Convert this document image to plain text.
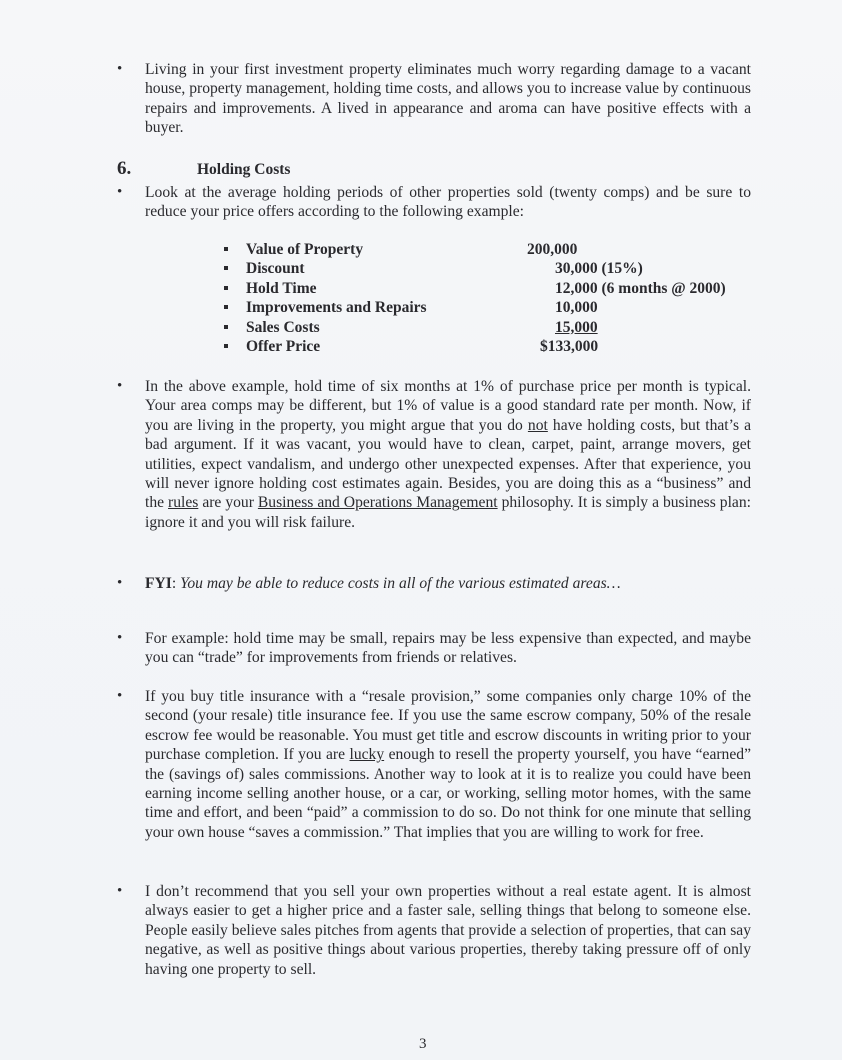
• Living in your first investment property eliminates much worry regarding damage to a vacant house, property management, holding time costs, and allows you to increase value by continuous repairs and improvements. A lived in appearance and aroma can have positive effects with a buyer.
6.	Holding Costs
• Look at the average holding periods of other properties sold (twenty comps) and be sure to reduce your price offers according to the following example:
Value of Property	200,000
Discount	30,000 (15%)
Hold Time	12,000 (6 months @ 2000)
Improvements and Repairs	10,000
Sales Costs	15,000
Offer Price	$133,000
• In the above example, hold time of six months at 1% of purchase price per month is typical. Your area comps may be different, but 1% of value is a good standard rate per month. Now, if you are living in the property, you might argue that you do not have holding costs, but that’s a bad argument. If it was vacant, you would have to clean, carpet, paint, arrange movers, get utilities, expect vandalism, and undergo other unexpected expenses. After that experience, you will never ignore holding cost estimates again. Besides, you are doing this as a “business” and the rules are your Business and Operations Management philosophy. It is simply a business plan: ignore it and you will risk failure.
• FYI: You may be able to reduce costs in all of the various estimated areas…
• For example: hold time may be small, repairs may be less expensive than expected, and maybe you can “trade” for improvements from friends or relatives.
• If you buy title insurance with a “resale provision,” some companies only charge 10% of the second (your resale) title insurance fee. If you use the same escrow company, 50% of the resale escrow fee would be reasonable. You must get title and escrow discounts in writing prior to your purchase completion. If you are lucky enough to resell the property yourself, you have “earned” the (savings of) sales commissions. Another way to look at it is to realize you could have been earning income selling another house, or a car, or working, selling motor homes, with the same time and effort, and been “paid” a commission to do so. Do not think for one minute that selling your own house “saves a commission.” That implies that you are willing to work for free.
• I don’t recommend that you sell your own properties without a real estate agent. It is almost always easier to get a higher price and a faster sale, selling things that belong to someone else. People easily believe sales pitches from agents that provide a selection of properties, that can say negative, as well as positive things about various properties, thereby taking pressure off of only having one property to sell.
3
